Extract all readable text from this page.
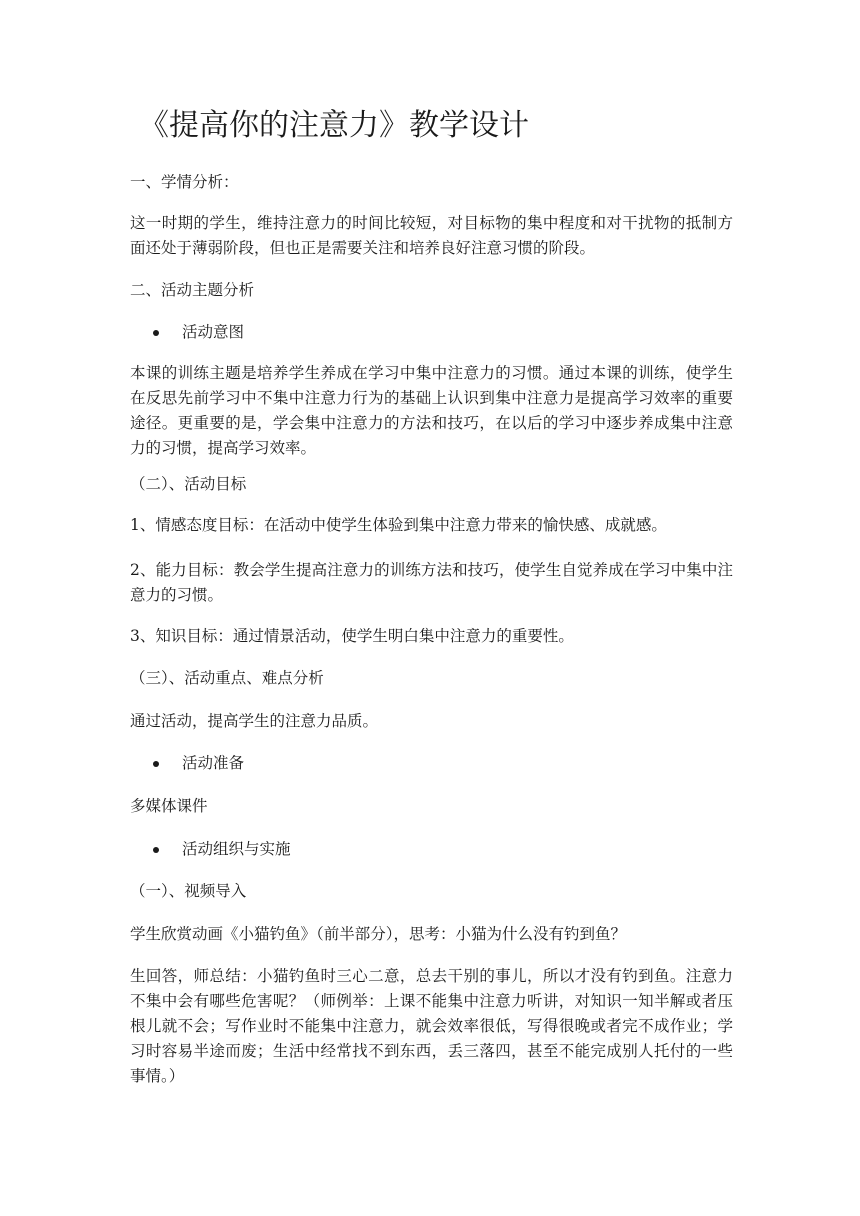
《提高你的注意力》教学设计

一、学情分析：

这一时期的学生，维持注意力的时间比较短，对目标物的集中程度和对干扰物的抵制方面还处于薄弱阶段，但也正是需要关注和培养良好注意习惯的阶段。

二、活动主题分析

活动意图

本课的训练主题是培养学生养成在学习中集中注意力的习惯。通过本课的训练，使学生在反思先前学习中不集中注意力行为的基础上认识到集中注意力是提高学习效率的重要途径。更重要的是，学会集中注意力的方法和技巧，在以后的学习中逐步养成集中注意力的习惯，提高学习效率。

（二）、活动目标

1、情感态度目标：在活动中使学生体验到集中注意力带来的愉快感、成就感。

2、能力目标：教会学生提高注意力的训练方法和技巧，使学生自觉养成在学习中集中注意力的习惯。

3、知识目标：通过情景活动，使学生明白集中注意力的重要性。

（三）、活动重点、难点分析

通过活动，提高学生的注意力品质。

活动准备

多媒体课件

活动组织与实施

（一）、视频导入

学生欣赏动画《小猫钓鱼》（前半部分），思考：小猫为什么没有钓到鱼？

生回答，师总结：小猫钓鱼时三心二意，总去干别的事儿，所以才没有钓到鱼。注意力不集中会有哪些危害呢？（师例举：上课不能集中注意力听讲，对知识一知半解或者压根儿就不会；写作业时不能集中注意力，就会效率很低，写得很晚或者完不成作业；学习时容易半途而废；生活中经常找不到东西，丢三落四，甚至不能完成别人托付的一些事情。）
